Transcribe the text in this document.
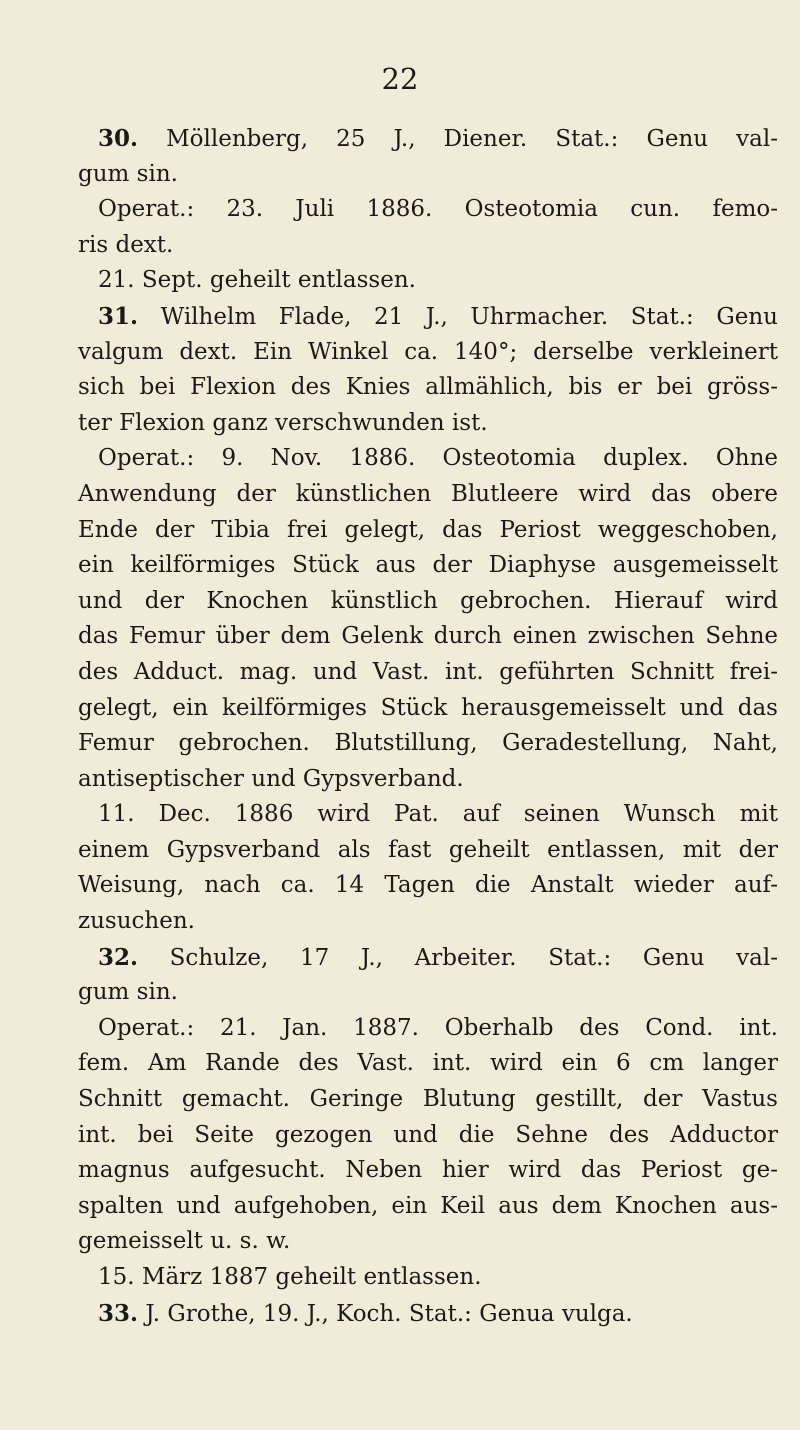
22
30. Möllenberg, 25 J., Diener. Stat.: Genu val-
gum sin.
Operat.: 23. Juli 1886. Osteotomia cun. femo-
ris dext.
21. Sept. geheilt entlassen.
31. Wilhelm Flade, 21 J., Uhrmacher. Stat.: Genu
valgum dext. Ein Winkel ca. 140°; derselbe verkleinert
sich bei Flexion des Knies allmählich, bis er bei gröss-
ter Flexion ganz verschwunden ist.
Operat.: 9. Nov. 1886. Osteotomia duplex. Ohne
Anwendung der künstlichen Blutleere wird das obere
Ende der Tibia frei gelegt, das Periost weggeschoben,
ein keilförmiges Stück aus der Diaphyse ausgemeisselt
und der Knochen künstlich gebrochen. Hierauf wird
das Femur über dem Gelenk durch einen zwischen Sehne
des Adduct. mag. und Vast. int. geführten Schnitt frei-
gelegt, ein keilförmiges Stück herausgemeisselt und das
Femur gebrochen. Blutstillung, Geradestellung, Naht,
antiseptischer und Gypsverband.
11. Dec. 1886 wird Pat. auf seinen Wunsch mit
einem Gypsverband als fast geheilt entlassen, mit der
Weisung, nach ca. 14 Tagen die Anstalt wieder auf-
zusuchen.
32. Schulze, 17 J., Arbeiter. Stat.: Genu val-
gum sin.
Operat.: 21. Jan. 1887. Oberhalb des Cond. int.
fem. Am Rande des Vast. int. wird ein 6 cm langer
Schnitt gemacht. Geringe Blutung gestillt, der Vastus
int. bei Seite gezogen und die Sehne des Adductor
magnus aufgesucht. Neben hier wird das Periost ge-
spalten und aufgehoben, ein Keil aus dem Knochen aus-
gemeisselt u. s. w.
15. März 1887 geheilt entlassen.
33. J. Grothe, 19. J., Koch. Stat.: Genua vulga.
